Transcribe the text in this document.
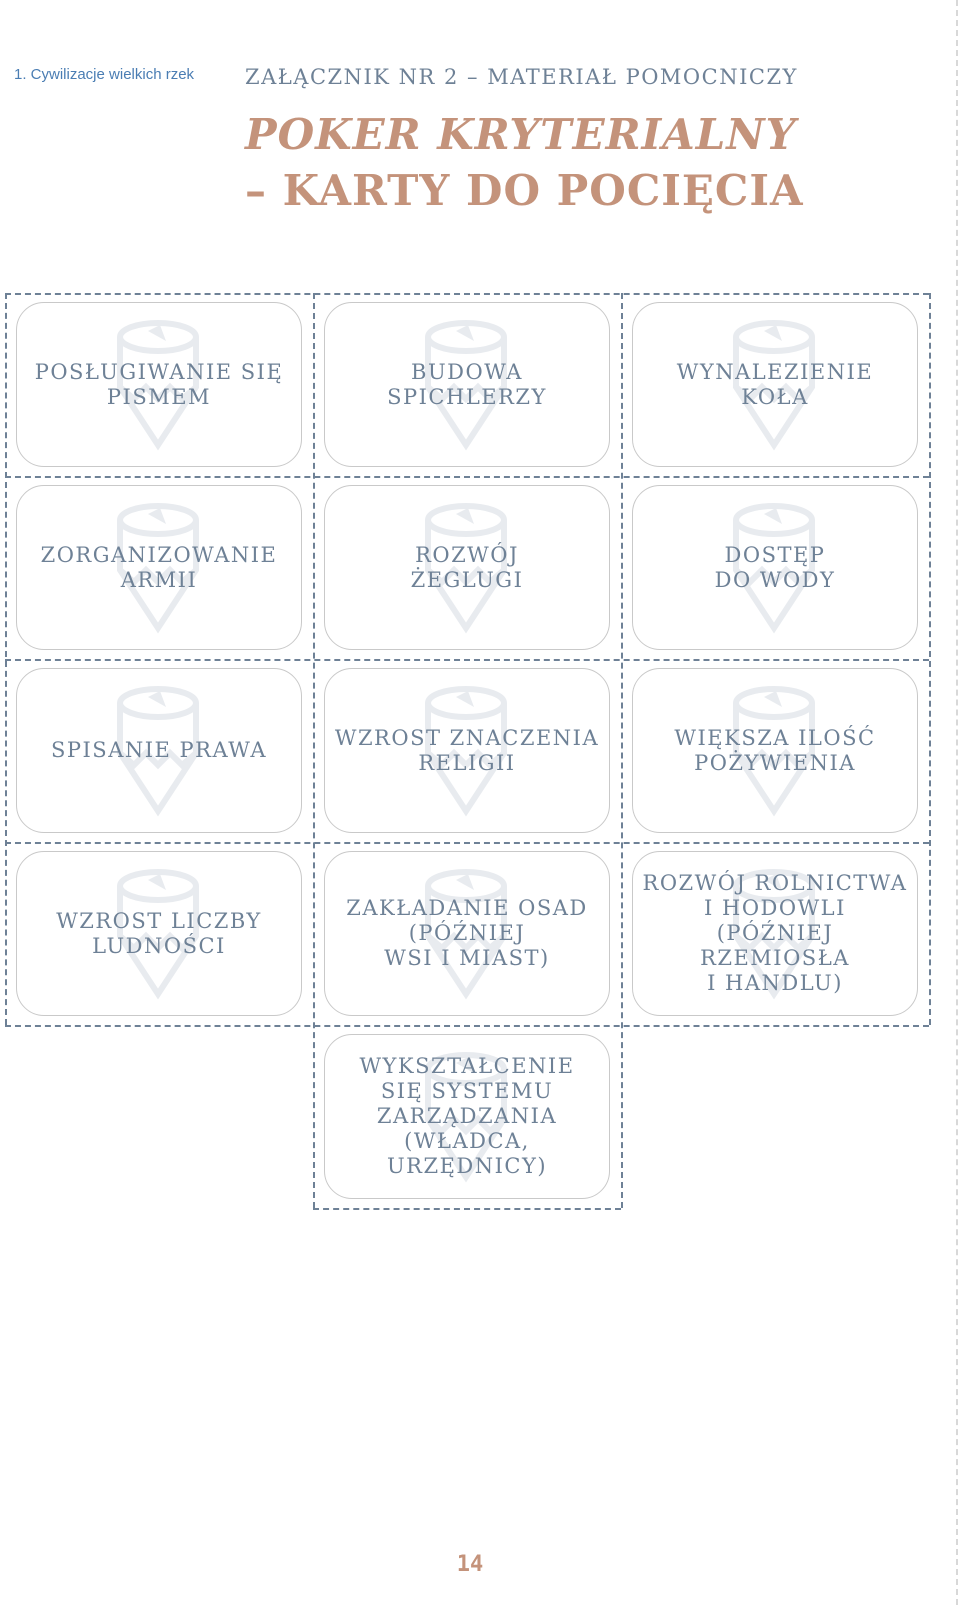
1. Cywilizacje wielkich rzek ZAŁĄCZNIK NR 2 – MATERIAŁ POMOCNICZY
POKER KRYTERIALNY
– KARTY DO POCIĘCIA
POSŁUGIWANIE SIĘ
PISMEM
BUDOWA
SPICHLERZY
WYNALEZIENIE
KOŁA
ZORGANIZOWANIE
ARMII
ROZWÓJ
ŻEGLUGI
DOSTĘP
DO WODY
SPISANIE PRAWA
WZROST ZNACZENIA
RELIGII
WIĘKSZA ILOŚĆ
POŻYWIENIA
WZROST LICZBY
LUDNOŚCI
ZAKŁADANIE OSAD
(PÓŹNIEJ
WSI I MIAST)
ROZWÓJ ROLNICTWA
I HODOWLI
(PÓŹNIEJ RZEMIOSŁA
I HANDLU)
WYKSZTAŁCENIE
SIĘ SYSTEMU
ZARZĄDZANIA
(WŁADCA,
URZĘDNICY)
14
